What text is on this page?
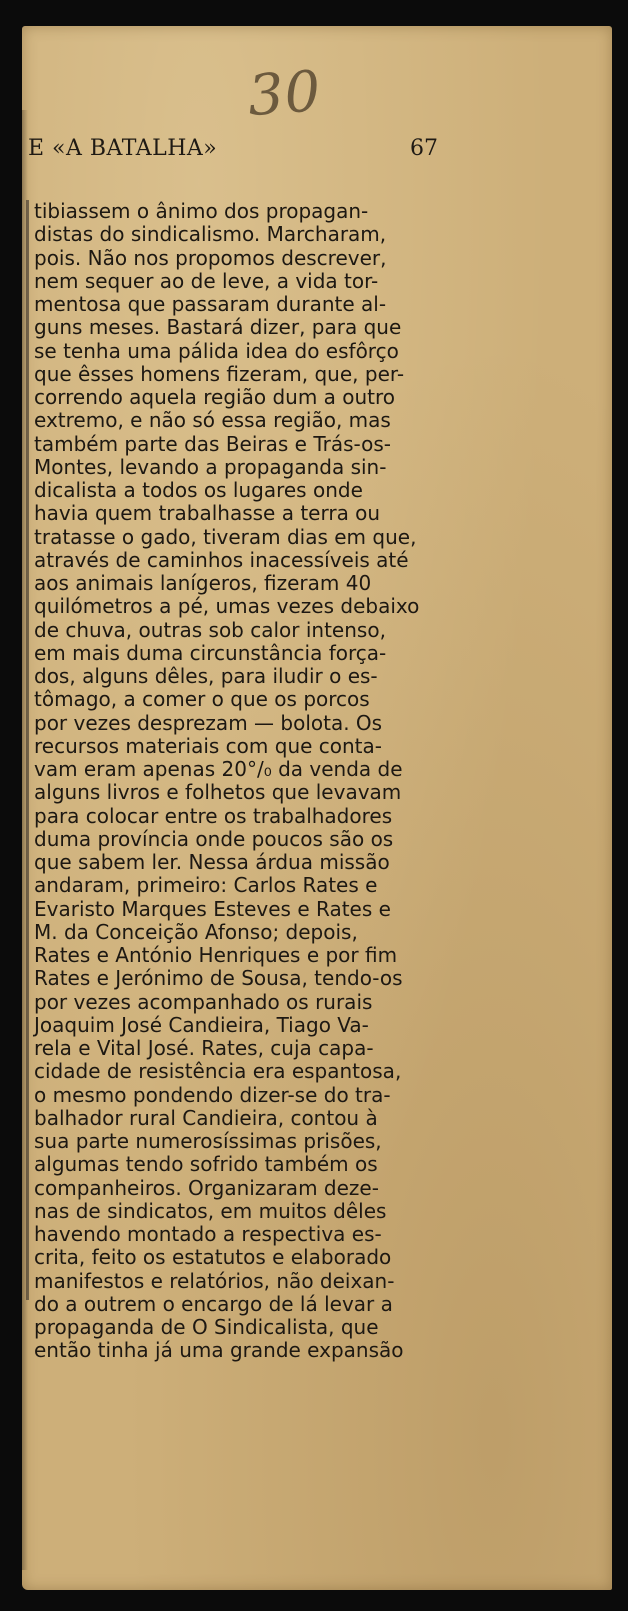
30
E «A BATALHA»	67
tibiassem o ânimo dos propagan-
distas do sindicalismo. Marcharam,
pois. Não nos propomos descrever,
nem sequer ao de leve, a vida tor-
mentosa que passaram durante al-
guns meses. Bastará dizer, para que
se tenha uma pálida idea do esfôrço
que êsses homens fizeram, que, per-
correndo aquela região dum a outro
extremo, e não só essa região, mas
também parte das Beiras e Trás-os-
Montes, levando a propaganda sin-
dicalista a todos os lugares onde
havia quem trabalhasse a terra ou
tratasse o gado, tiveram dias em que,
através de caminhos inacessíveis até
aos animais lanígeros, fizeram 40
quilómetros a pé, umas vezes debaixo
de chuva, outras sob calor intenso,
em mais duma circunstância força-
dos, alguns dêles, para iludir o es-
tômago, a comer o que os porcos
por vezes desprezam — bolota. Os
recursos materiais com que conta-
vam eram apenas 20°/₀ da venda de
alguns livros e folhetos que levavam
para colocar entre os trabalhadores
duma província onde poucos são os
que sabem ler. Nessa árdua missão
andaram, primeiro: Carlos Rates e
Evaristo Marques Esteves e Rates e
M. da Conceição Afonso; depois,
Rates e António Henriques e por fim
Rates e Jerónimo de Sousa, tendo-os
por vezes acompanhado os rurais
Joaquim José Candieira, Tiago Va-
rela e Vital José. Rates, cuja capa-
cidade de resistência era espantosa,
o mesmo pondendo dizer-se do tra-
balhador rural Candieira, contou à
sua parte numerosíssimas prisões,
algumas tendo sofrido também os
companheiros. Organizaram deze-
nas de sindicatos, em muitos dêles
havendo montado a respectiva es-
crita, feito os estatutos e elaborado
manifestos e relatórios, não deixan-
do a outrem o encargo de lá levar a
propaganda de O Sindicalista, que
então tinha já uma grande expansão
